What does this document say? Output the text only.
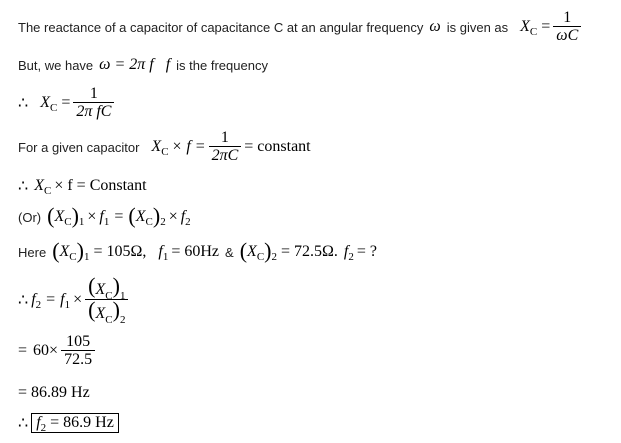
The reactance of a capacitor of capacitance C at an angular frequency ω is given as X $C = \frac{1}{\omega C}$
But, we have ω = 2π f f is the frequency
∴ X $C = \frac{1}{\text{2π fC}}$
For a given capacitor X $C \times f = \frac{1}{2\pi C}$ = constant
∴ X C × f = Constant
(Or) ( X C ) 1 × f 1 = ( X C ) 2 × f 2
Here ( X C ) 1 = 105Ω, f 1 = 60Hz & ( X C ) 2 = 72.5Ω. f 2 = ?
∴ f 2 = f $1 \times \frac{(X_C)_1}{(X_C)_2}$
= $60\times \frac{105}{72.5}$
= 86.89 Hz
∴ f 2 = 86.9 Hz
